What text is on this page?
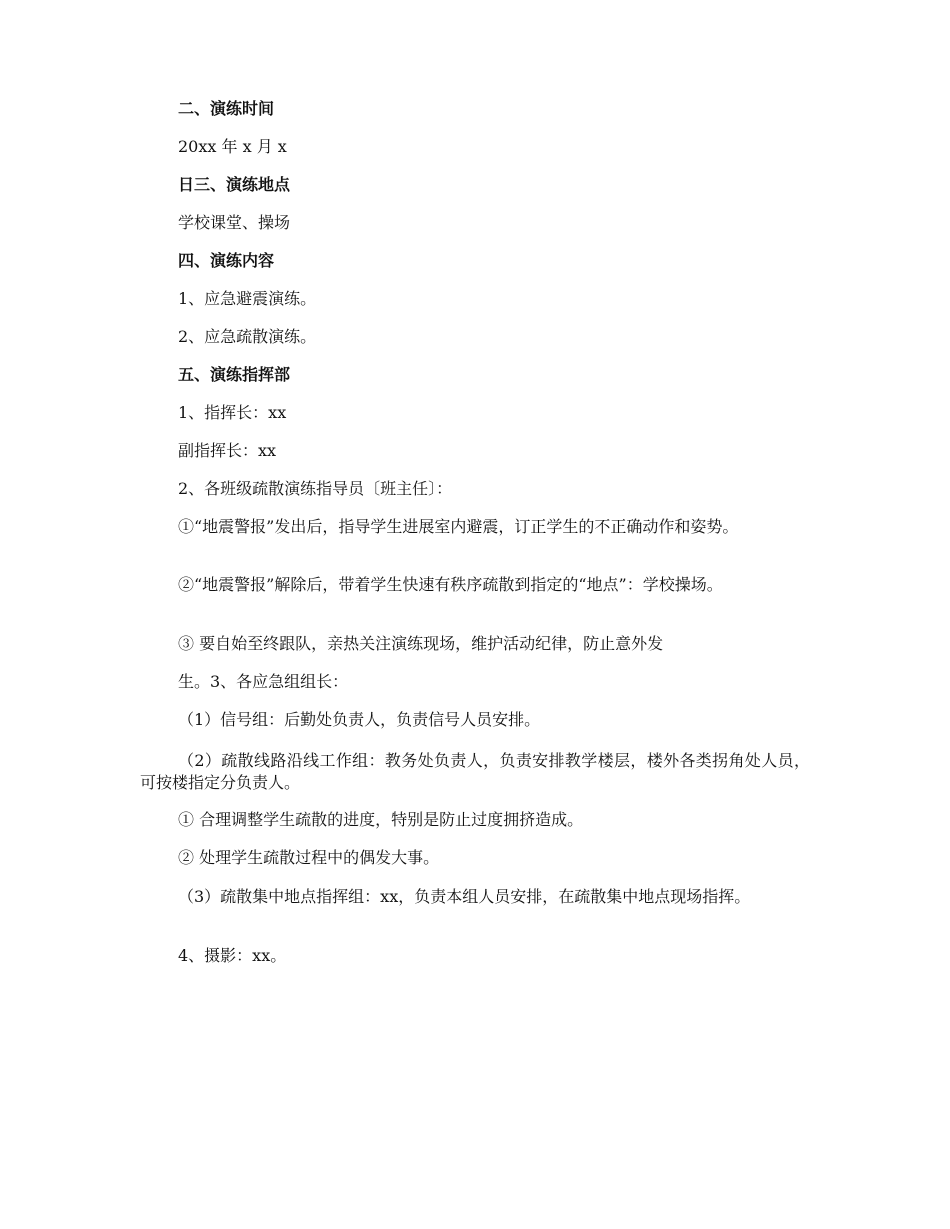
二、演练时间
20xx 年 x 月 x
日三、演练地点
学校课堂、操场
四、演练内容
1、应急避震演练。
2、应急疏散演练。
五、演练指挥部
1、指挥长：xx
副指挥长：xx
2、各班级疏散演练指导员〔班主任〕：
①“地震警报”发出后，指导学生进展室内避震，订正学生的不正确动作和姿势。
②“地震警报”解除后，带着学生快速有秩序疏散到指定的“地点”：学校操场。
③ 要自始至终跟队，亲热关注演练现场，维护活动纪律，防止意外发
生。3、各应急组组长：
（1）信号组：后勤处负责人，负责信号人员安排。
（2）疏散线路沿线工作组：教务处负责人，负责安排教学楼层，楼外各类拐角处人员，可按楼指定分负责人。
① 合理调整学生疏散的进度，特别是防止过度拥挤造成。
② 处理学生疏散过程中的偶发大事。
（3）疏散集中地点指挥组：xx，负责本组人员安排，在疏散集中地点现场指挥。
4、摄影：xx。
